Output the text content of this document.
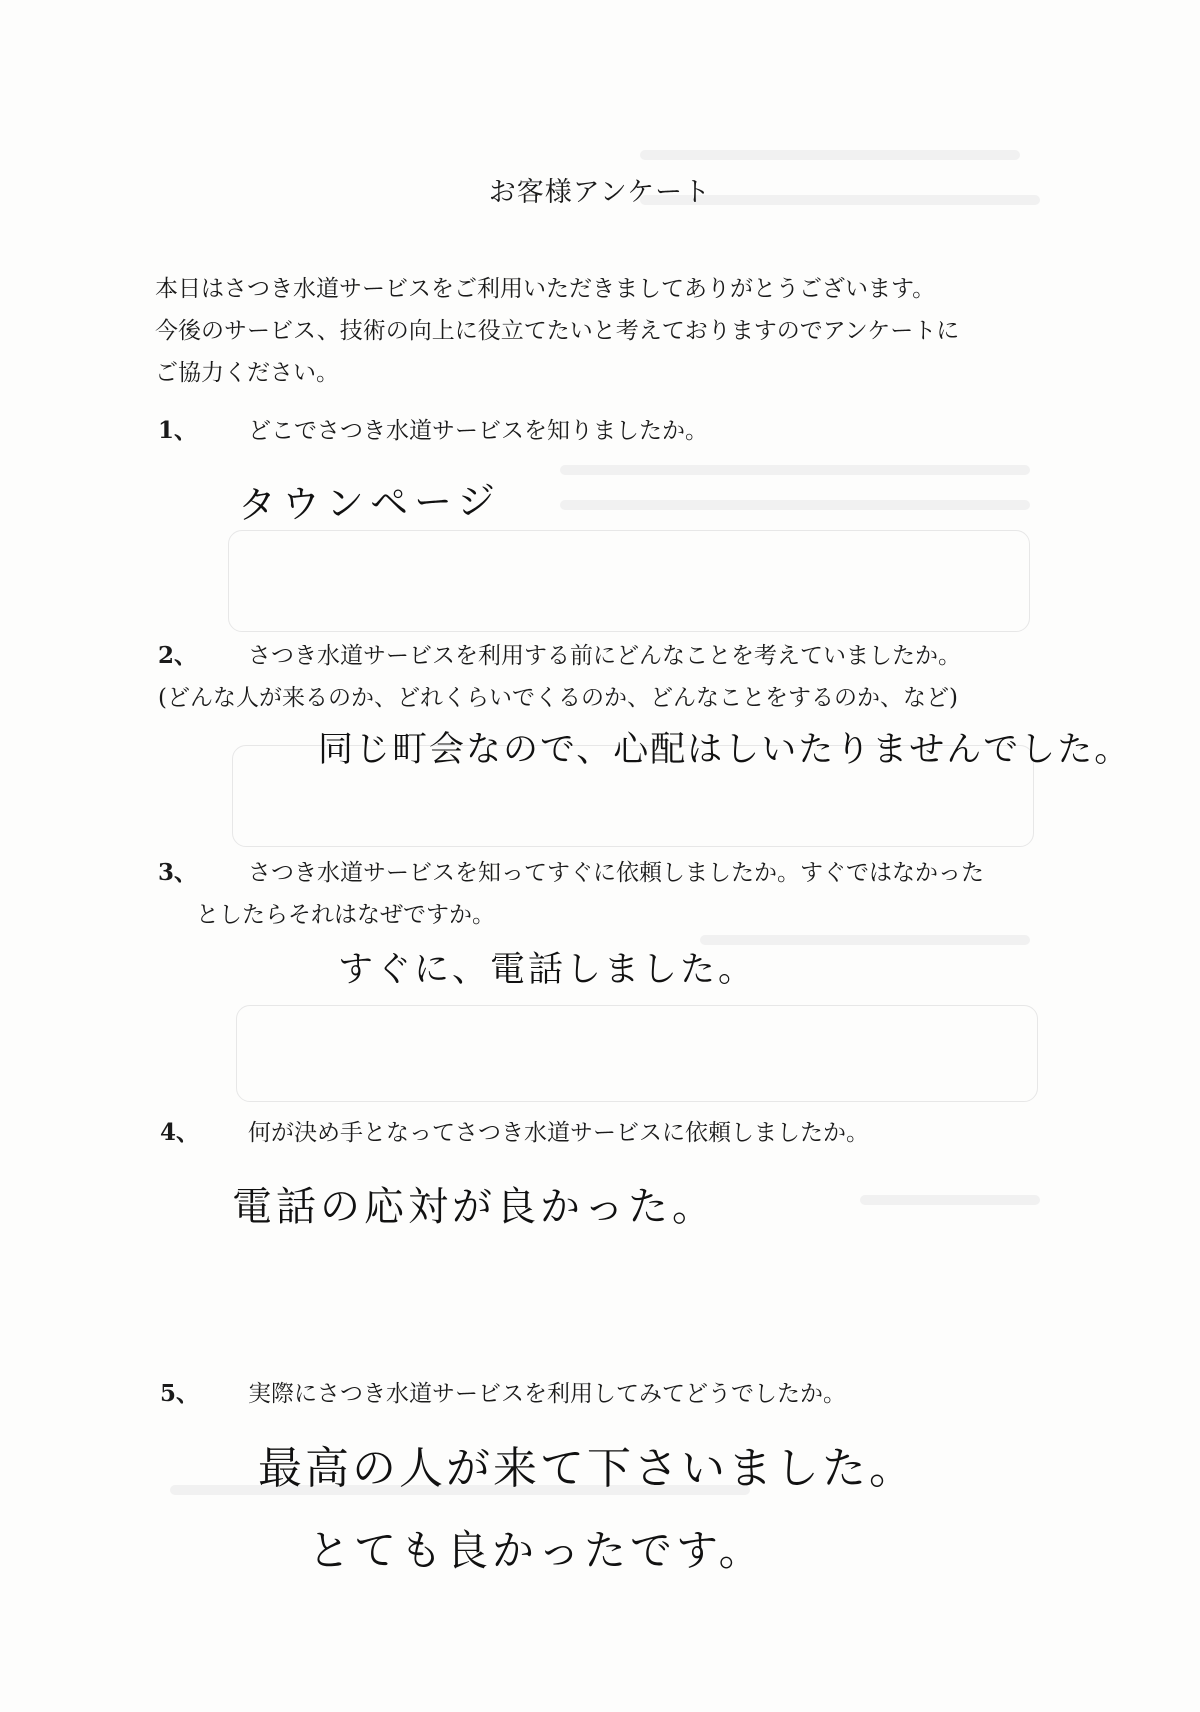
お客様アンケート
本日はさつき水道サービスをご利用いただきましてありがとうございます。
今後のサービス、技術の向上に役立てたいと考えておりますのでアンケートに
ご協力ください。
1、 どこでさつき水道サービスを知りましたか。
タウンページ
2、 さつき水道サービスを利用する前にどんなことを考えていましたか。
(どんな人が来るのか、どれくらいでくるのか、どんなことをするのか、など)
同じ町会なので、心配はしいたりませんでした。
3、 さつき水道サービスを知ってすぐに依頼しましたか。すぐではなかった
としたらそれはなぜですか。
すぐに、電話しました。
4、 何が決め手となってさつき水道サービスに依頼しましたか。
電話の応対が良かった。
5、 実際にさつき水道サービスを利用してみてどうでしたか。
最高の人が来て下さいました。
とても良かったです。
